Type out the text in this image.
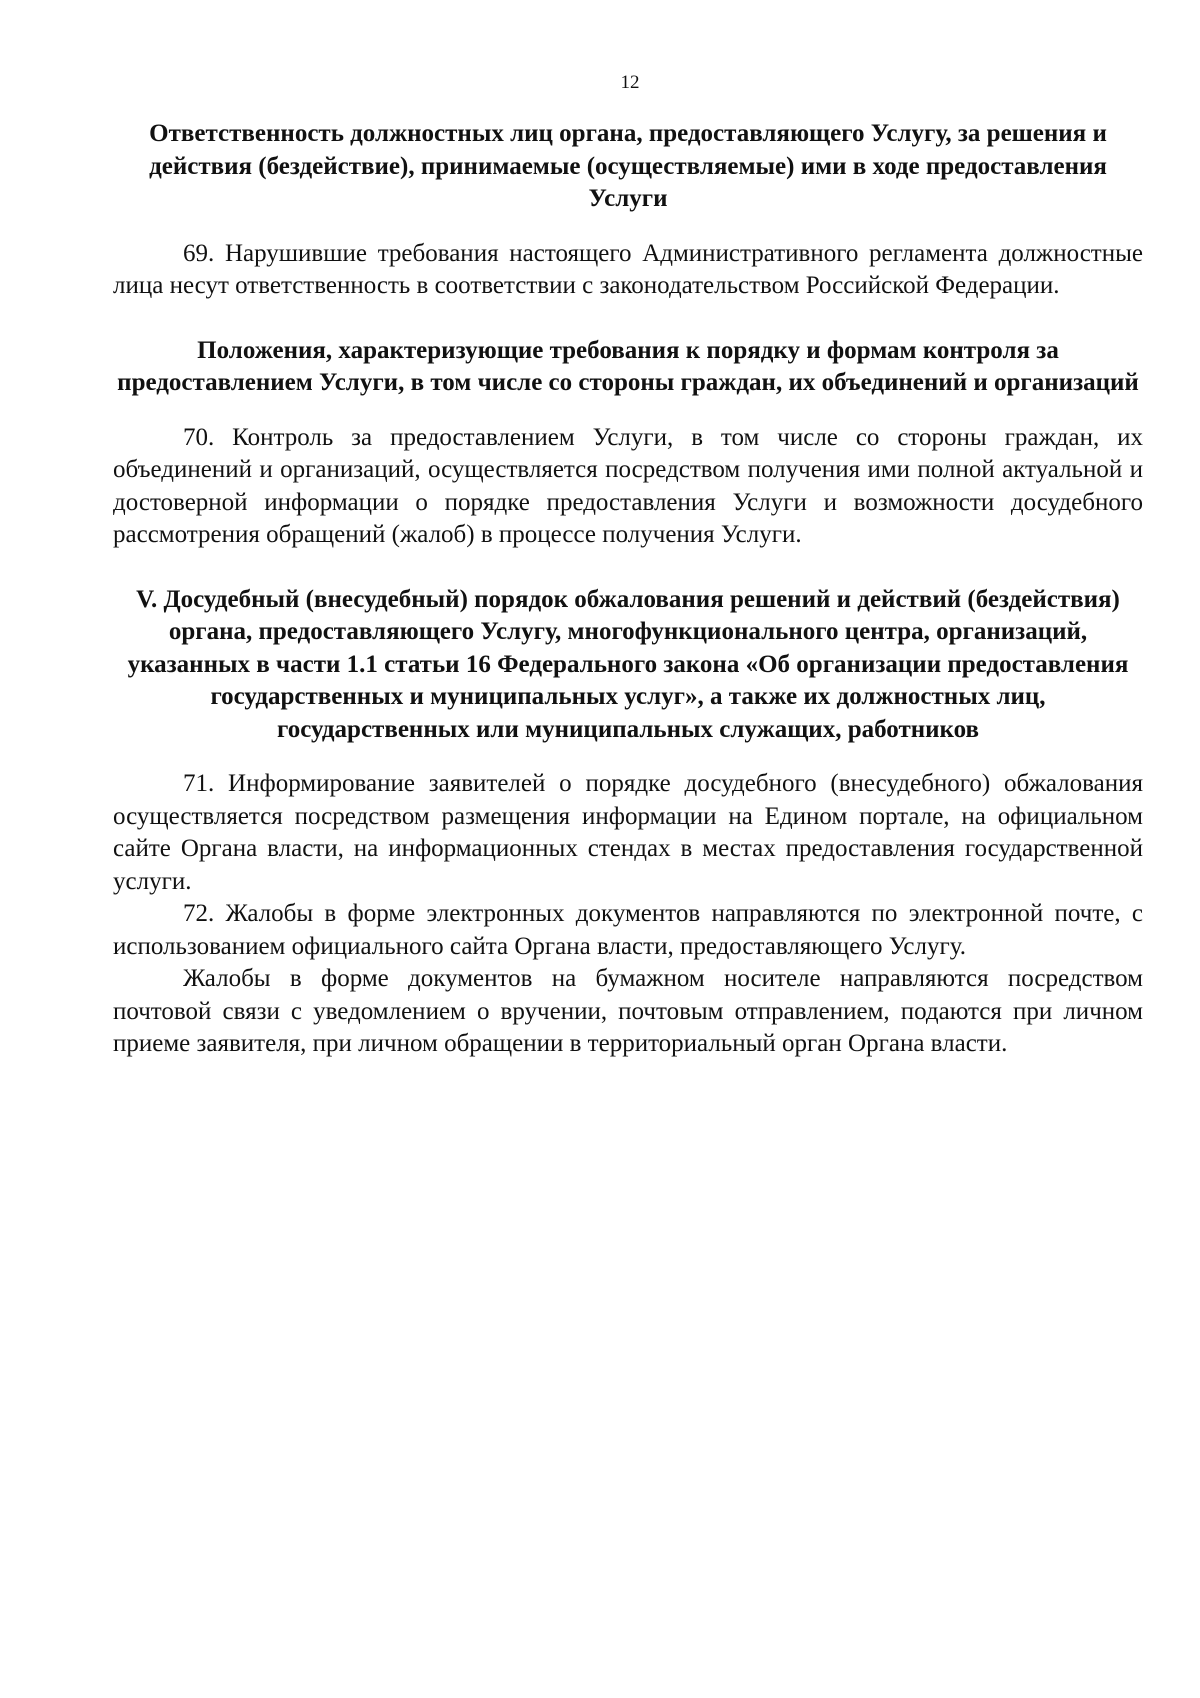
12
Ответственность должностных лиц органа, предоставляющего Услугу, за решения и действия (бездействие), принимаемые (осуществляемые) ими в ходе предоставления Услуги

69. Нарушившие требования настоящего Административного регламента должностные лица несут ответственность в соответствии с законодательством Российской Федерации.

Положения, характеризующие требования к порядку и формам контроля за предоставлением Услуги, в том числе со стороны граждан, их объединений и организаций

70. Контроль за предоставлением Услуги, в том числе со стороны граждан, их объединений и организаций, осуществляется посредством получения ими полной актуальной и достоверной информации о порядке предоставления Услуги и возможности досудебного рассмотрения обращений (жалоб) в процессе получения Услуги.

V. Досудебный (внесудебный) порядок обжалования решений и действий (бездействия) органа, предоставляющего Услугу, многофункционального центра, организаций, указанных в части 1.1 статьи 16 Федерального закона «Об организации предоставления государственных и муниципальных услуг», а также их должностных лиц, государственных или муниципальных служащих, работников

71. Информирование заявителей о порядке досудебного (внесудебного) обжалования осуществляется посредством размещения информации на Едином портале, на официальном сайте Органа власти, на информационных стендах в местах предоставления государственной услуги.

72. Жалобы в форме электронных документов направляются по электронной почте, с использованием официального сайта Органа власти, предоставляющего Услугу.

Жалобы в форме документов на бумажном носителе направляются посредством почтовой связи с уведомлением о вручении, почтовым отправлением, подаются при личном приеме заявителя, при личном обращении в территориальный орган Органа власти.
